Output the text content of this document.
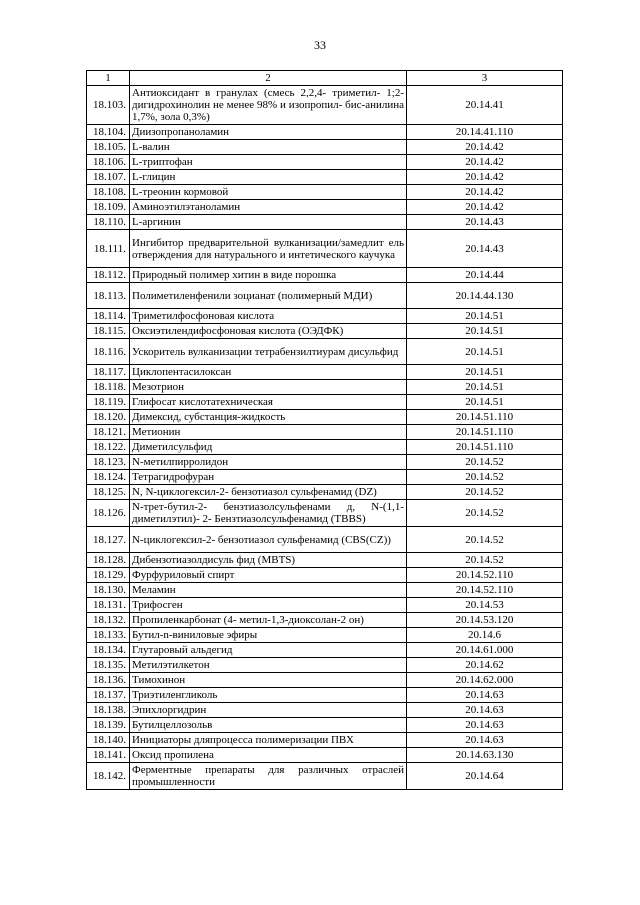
33
1	2	3
18.103.	Антиоксидант в гранулах (смесь 2,2,4- триметил- 1;2-дигидрохинолин не менее 98% и изопропил- бис-анилина 1,7%, зола 0,3%)	20.14.41
18.104.	Диизопропаноламин	20.14.41.110
18.105.	L-валин	20.14.42
18.106.	L-триптофан	20.14.42
18.107.	L-глицин	20.14.42
18.108.	L-треонин кормовой	20.14.42
18.109.	Аминоэтилэтаноламин	20.14.42
18.110.	L-аргинин	20.14.43
18.111.	Ингибитор предварительной вулканизации/замедлит ель отверждения для натурального и интетического каучука	20.14.43
18.112.	Природный полимер хитин в виде порошка	20.14.44
18.113.	Полиметиленфенили зоцианат (полимерный МДИ)	20.14.44.130
18.114.	Триметилфосфоновая кислота	20.14.51
18.115.	Оксиэтилендифосфоновая кислота (ОЭДФК)	20.14.51
18.116.	Ускоритель вулканизации тетрабензилтиурам дисульфид	20.14.51
18.117.	Циклопентасилоксан	20.14.51
18.118.	Мезотрион	20.14.51
18.119.	Глифосат кислотатехническая	20.14.51
18.120.	Димексид, субстанция-жидкость	20.14.51.110
18.121.	Метионин	20.14.51.110
18.122.	Диметилсульфид	20.14.51.110
18.123.	N-метилпирролидон	20.14.52
18.124.	Тетрагидрофуран	20.14.52
18.125.	N, N-циклогексил-2- бензотиазол сульфенамид (DZ)	20.14.52
18.126.	N-трет-бутил-2- бензтиазолсульфенами д, N-(1,1-диметилэтил)- 2- Бензтиазолсульфенамид (TBBS)	20.14.52
18.127.	N-циклогексил-2- бензотиазол сульфенамид (CBS(CZ))	20.14.52
18.128.	Дибензотиазолдисуль фид (MBTS)	20.14.52
18.129.	Фурфуриловый спирт	20.14.52.110
18.130.	Меламин	20.14.52.110
18.131.	Трифосген	20.14.53
18.132.	Пропиленкарбонат (4- метил-1,3-диоксолан-2 он)	20.14.53.120
18.133.	Бутил-n-виниловые эфиры	20.14.6
18.134.	Глутаровый альдегид	20.14.61.000
18.135.	Метилэтилкетон	20.14.62
18.136.	Тимохинон	20.14.62.000
18.137.	Триэтиленгликоль	20.14.63
18.138.	Эпихлоргидрин	20.14.63
18.139.	Бутилцеллозольв	20.14.63
18.140.	Инициаторы дляпроцесса полимеризации ПВХ	20.14.63
18.141.	Оксид пропилена	20.14.63.130
18.142.	Ферментные препараты для различных отраслей промышленности	20.14.64
